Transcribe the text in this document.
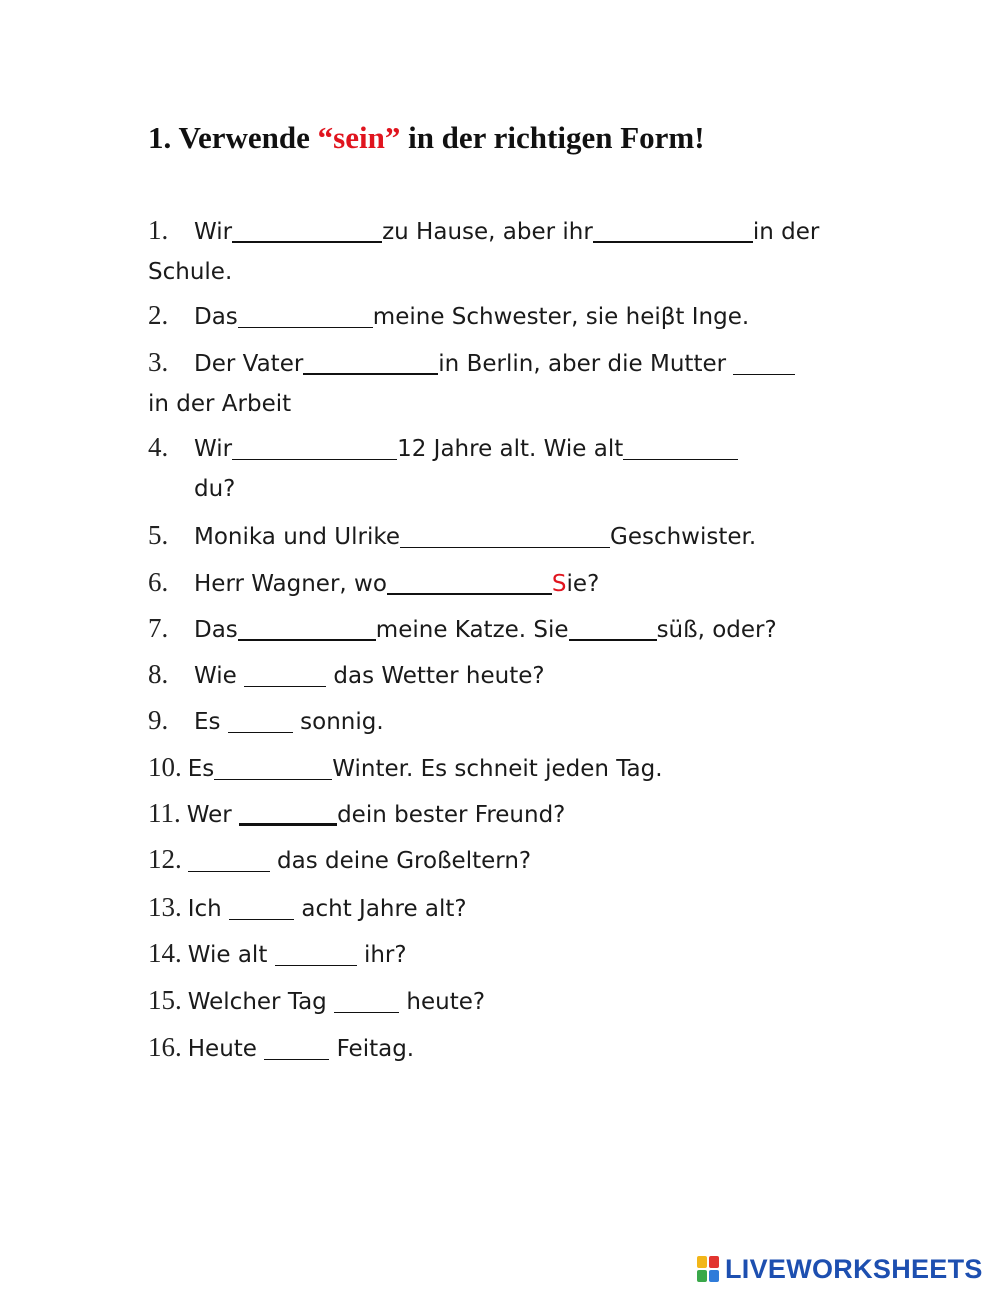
1. Verwende “sein” in der richtigen Form!
1. Wir	zu Hause, aber ihr	in der
Schule.
2. Das	meine Schwester, sie heiβt Inge.
3. Der Vater	in Berlin, aber die Mutter
in der Arbeit
4. Wir	12 Jahre alt. Wie alt
du?
5. Monika und Ulrike	Geschwister.
6. Herr Wagner, wo	Sie?
7. Das	meine Katze. Sie	süß, oder?
8. Wie	das Wetter heute?
9. Es	sonnig.
10. Es	Winter. Es schneit jeden Tag.
11. Wer	dein bester Freund?
12.	das deine Großeltern?
13. Ich	acht Jahre alt?
14. Wie alt	ihr?
15. Welcher Tag	heute?
16. Heute	Feitag.
LIVEWORKSHEETS
